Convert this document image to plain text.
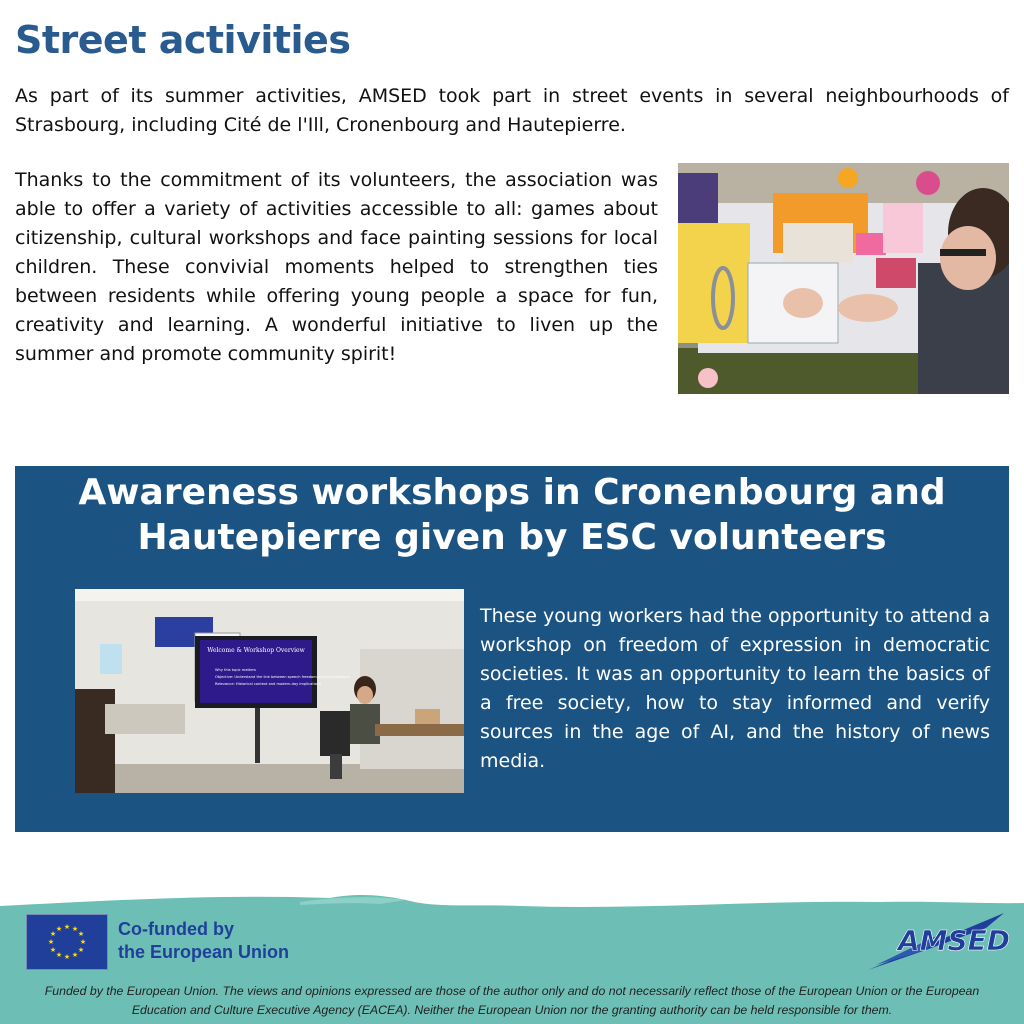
Street activities

As part of its summer activities, AMSED took part in street events in several neighbourhoods of Strasbourg, including Cité de l'Ill, Cronenbourg and Hautepierre.

Thanks to the commitment of its volunteers, the association was able to offer a variety of activities accessible to all: games about citizenship, cultural workshops and face painting sessions for local children. These convivial moments helped to strengthen ties between residents while offering young people a space for fun, creativity and learning. A wonderful initiative to liven up the summer and promote community spirit!

Awareness workshops in Cronenbourg and Hautepierre given by ESC volunteers
Welcome & Workshop Overview
Why this topic matters
Objective: Understand the link between speech freedom and radicalisation
Relevance: Historical context and modern-day implications

These young workers had the opportunity to attend a workshop on freedom of expression in democratic societies. It was an opportunity to learn the basics of a free society, how to stay informed and verify sources in the age of AI, and the history of news media.

★ ★
★
★
★
★
★
★
★
★
★
★	Co-funded by
the European Union	AMSED

Funded by the European Union. The views and opinions expressed are those of the author only and do not necessarily reflect those of the European Union or the European Education and Culture Executive Agency (EACEA). Neither the European Union nor the granting authority can be held responsible for them.
